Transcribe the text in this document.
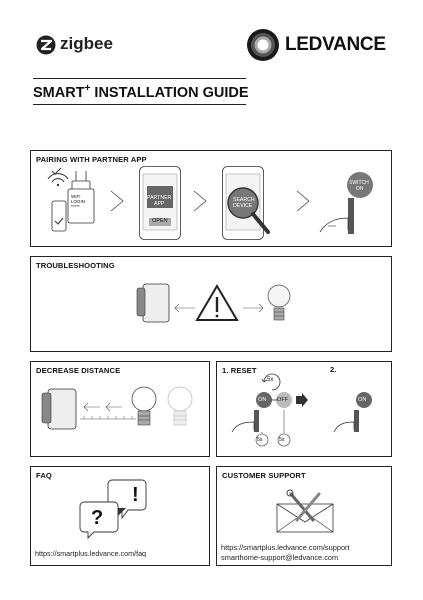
zigbee	LEDVANCE
SMART+ INSTALLATION GUIDE
PAIRING WITH PARTNER APP
WIFI
LOGIN
*****
PARTNER
APP
OPEN
SEARCH
DEVICE
SWITCH
ON
TROUBLESHOOTING
DECREASE DISTANCE	1. RESET	2.
5x
ON OFF	ON
5s	5s
FAQ
?
!
https://smartplus.ledvance.com/faq
CUSTOMER SUPPORT
https://smartplus.ledvance.com/support
smarthome-support@ledvance.com
